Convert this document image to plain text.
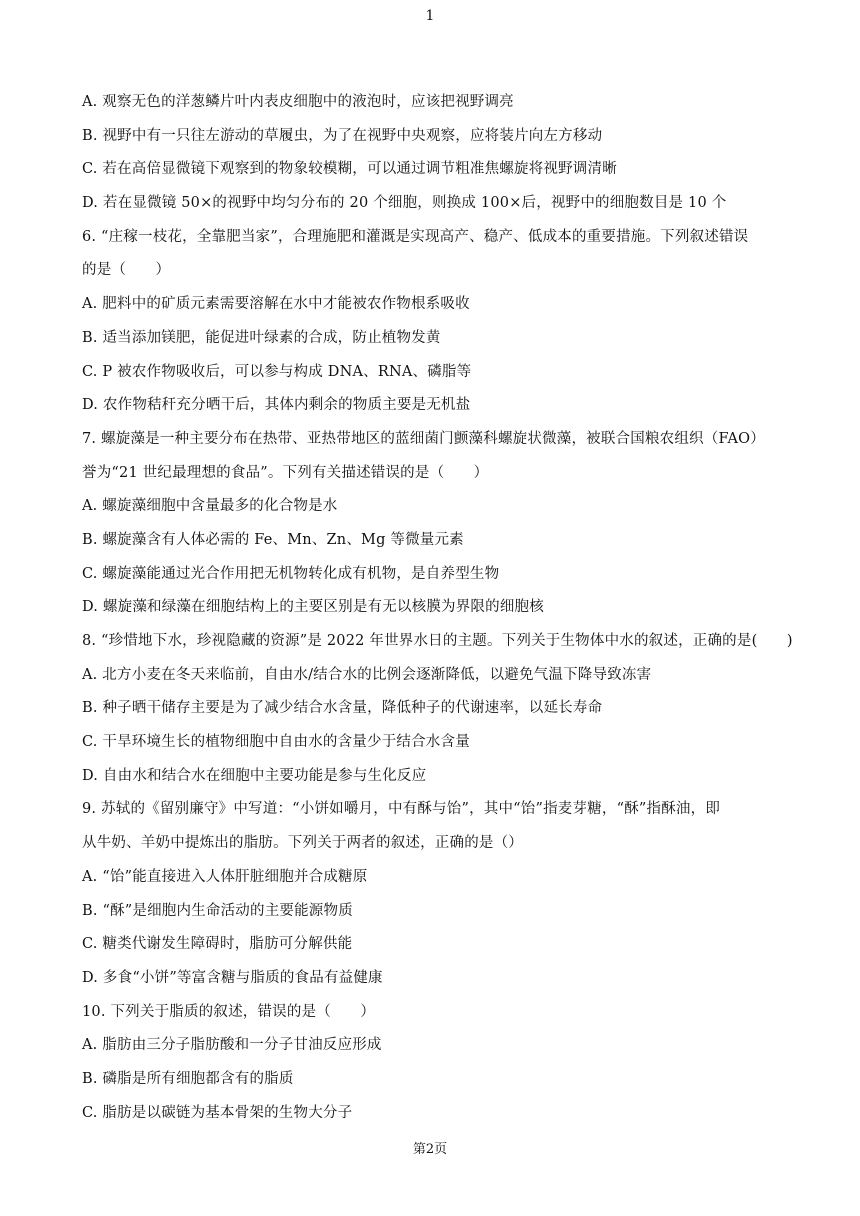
1
A. 观察无色的洋葱鳞片叶内表皮细胞中的液泡时，应该把视野调亮
B. 视野中有一只往左游动的草履虫，为了在视野中央观察，应将装片向左方移动
C. 若在高倍显微镜下观察到的物象较模糊，可以通过调节粗准焦螺旋将视野调清晰
D. 若在显微镜 50×的视野中均匀分布的 20 个细胞，则换成 100×后，视野中的细胞数目是 10 个
6. “庄稼一枝花，全靠肥当家”，合理施肥和灌溉是实现高产、稳产、低成本的重要措施。下列叙述错误
的是（　　）
A. 肥料中的矿质元素需要溶解在水中才能被农作物根系吸收
B. 适当添加镁肥，能促进叶绿素的合成，防止植物发黄
C. P 被农作物吸收后，可以参与构成 DNA、RNA、磷脂等
D. 农作物秸秆充分晒干后，其体内剩余的物质主要是无机盐
7. 螺旋藻是一种主要分布在热带、亚热带地区的蓝细菌门颤藻科螺旋状微藻，被联合国粮农组织（FAO）
誉为“21 世纪最理想的食品”。下列有关描述错误的是（　　）
A. 螺旋藻细胞中含量最多的化合物是水
B. 螺旋藻含有人体必需的 Fe、Mn、Zn、Mg 等微量元素
C. 螺旋藻能通过光合作用把无机物转化成有机物，是自养型生物
D. 螺旋藻和绿藻在细胞结构上的主要区别是有无以核膜为界限的细胞核
8. “珍惜地下水，珍视隐藏的资源”是 2022 年世界水日的主题。下列关于生物体中水的叙述，正确的是(　　)
A. 北方小麦在冬天来临前，自由水/结合水的比例会逐渐降低，以避免气温下降导致冻害
B. 种子晒干储存主要是为了减少结合水含量，降低种子的代谢速率，以延长寿命
C. 干旱环境生长的植物细胞中自由水的含量少于结合水含量
D. 自由水和结合水在细胞中主要功能是参与生化反应
9. 苏轼的《留别廉守》中写道：“小饼如嚼月，中有酥与饴”，其中“饴”指麦芽糖，“酥”指酥油，即
从牛奶、羊奶中提炼出的脂肪。下列关于两者的叙述，正确的是（）
A. “饴”能直接进入人体肝脏细胞并合成糖原
B. “酥”是细胞内生命活动的主要能源物质
C. 糖类代谢发生障碍时，脂肪可分解供能
D. 多食“小饼”等富含糖与脂质的食品有益健康
10. 下列关于脂质的叙述，错误的是（　　）
A. 脂肪由三分子脂肪酸和一分子甘油反应形成
B. 磷脂是所有细胞都含有的脂质
C. 脂肪是以碳链为基本骨架的生物大分子
第2页
